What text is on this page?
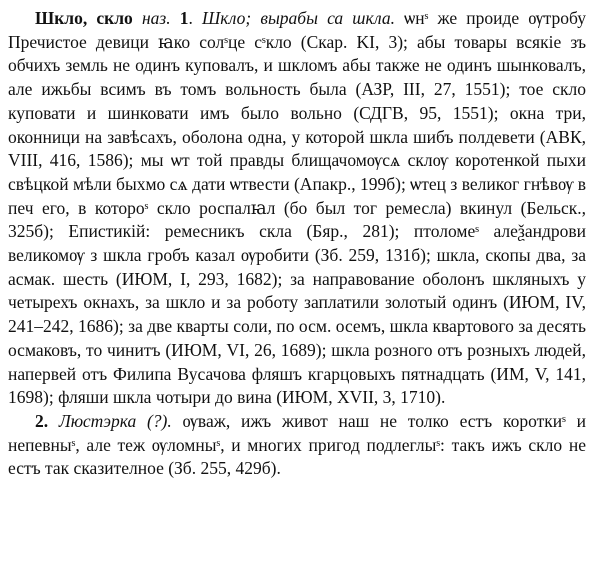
Шкло, скло наз. 1. Шкло; вырабы са шкла. ѡнˢ же проиде ѹтробу Пречистое девици ꙗко солˢце сˢкло (Скар. KI, 3); абы товары всякіе зъ обчихъ земль не одинъ куповалъ, и шкломъ абы также не одинъ шынковалъ, але ижьбы всимъ въ томъ вольность была (АЗР, III, 27, 1551); тое скло куповати и шинковати имъ было вольно (СДГВ, 95, 1551); окна три, оконници на завѣсахъ, оболона одна, у которой шкла шибъ полдевети (АВК, VIII, 416, 1586); мы ѡт той правды блищачомѹсѧ склѹ коротенкой пыхи свѣцкой мѣли быхмо сѧ дати ѡтвести (Апакр., 199б); ѡтец з великог гнѣвѹ в печ его, в которoˢ скло роспалꙗл (бо был тог ремесла) вкинул (Бельск., 325б); Епистикій: ремесникъ скла (Бяр., 281); птоломеˢ алеѯандрови великомѹ з шкла гробъ казал ѹробити (Зб. 259, 131б); шкла, скопы два, за асмак. шесть (ИЮМ, I, 293, 1682); за направование оболонъ шкляныхъ у четырехъ окнахъ, за шкло и за роботу заплатили золотый одинъ (ИЮМ, IV, 241–242, 1686); за две кварты соли, по осм. осемъ, шкла квартового за десять осмаковъ, то чинитъ (ИЮМ, VI, 26, 1689); шкла розного отъ розныхъ людей, напервей отъ Филипа Вусачова фляшъ кгарцовыхъ пятнадцать (ИМ, V, 141, 1698); фляши шкла чотыри до вина (ИЮМ, XVII, 3, 1710).

2. Люстэрка (?). ѹваж, ижъ живот наш не толко естъ короткиˢ и непевныˢ, але теж ѹломныˢ, и многих пригод подлеглыˢ: такъ ижъ скло не естъ так сказителное (Зб. 255, 429б).
